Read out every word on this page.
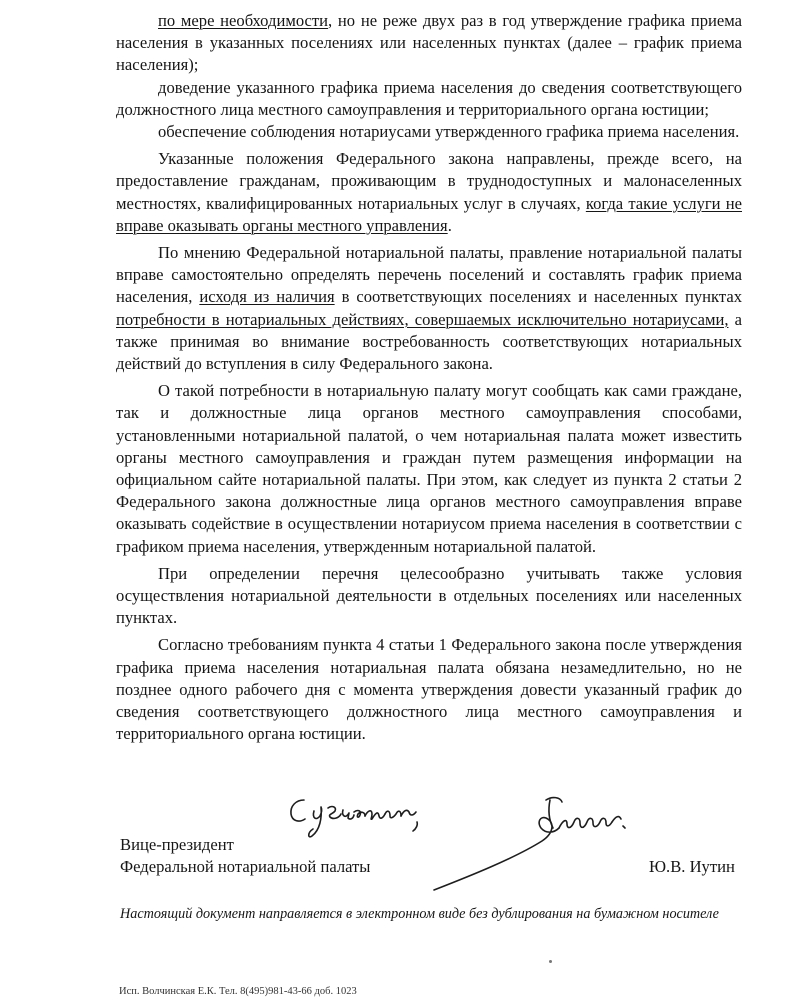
по мере необходимости, но не реже двух раз в год утверждение графика приема населения в указанных поселениях или населенных пунктах (далее – график приема населения);

доведение указанного графика приема населения до сведения соответствующего должностного лица местного самоуправления и территориального органа юстиции;

обеспечение соблюдения нотариусами утвержденного графика приема населения.

Указанные положения Федерального закона направлены, прежде всего, на предоставление гражданам, проживающим в труднодоступных и малонаселенных местностях, квалифицированных нотариальных услуг в случаях, когда такие услуги не вправе оказывать органы местного управления.

По мнению Федеральной нотариальной палаты, правление нотариальной палаты вправе самостоятельно определять перечень поселений и составлять график приема населения, исходя из наличия в соответствующих поселениях и населенных пунктах потребности в нотариальных действиях, совершаемых исключительно нотариусами, а также принимая во внимание востребованность соответствующих нотариальных действий до вступления в силу Федерального закона.

О такой потребности в нотариальную палату могут сообщать как сами граждане, так и должностные лица органов местного самоуправления способами, установленными нотариальной палатой, о чем нотариальная палата может известить органы местного самоуправления и граждан путем размещения информации на официальном сайте нотариальной палаты. При этом, как следует из пункта 2 статьи 2 Федерального закона должностные лица органов местного самоуправления вправе оказывать содействие в осуществлении нотариусом приема населения в соответствии с графиком приема населения, утвержденным нотариальной палатой.

При определении перечня целесообразно учитывать также условия осуществления нотариальной деятельности в отдельных поселениях или населенных пунктах.

Согласно требованиям пункта 4 статьи 1 Федерального закона после утверждения графика приема населения нотариальная палата обязана незамедлительно, но не позднее одного рабочего дня с момента утверждения довести указанный график до сведения соответствующего должностного лица местного самоуправления и территориального органа юстиции.

Вице-президент
Федеральной нотариальной палаты	Ю.В. Иутин
Настоящий документ направляется в электронном виде без дублирования на бумажном носителе
Исп. Волчинская Е.К. Тел. 8(495)981-43-66 доб. 1023
